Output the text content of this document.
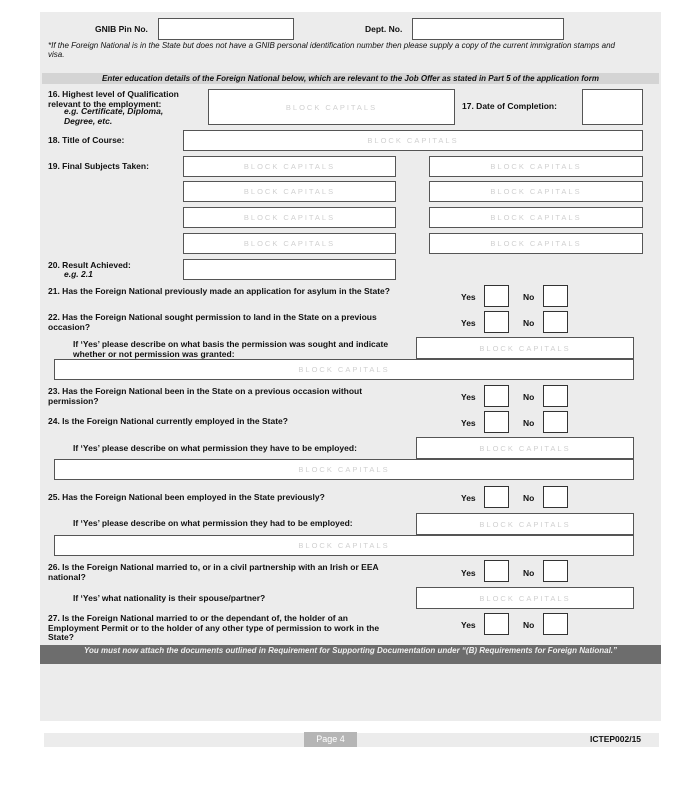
GNIB Pin No.	Dept. No.
*If the Foreign National is in the State but does not have a GNIB personal identification number then please supply a copy of the current immigration stamps and visa.
Enter education details of the Foreign National below, which are relevant to the Job Offer as stated in Part 5 of the application form
16. Highest level of Qualification relevant to the employment:
e.g. Certificate, Diploma, Degree, etc.
BLOCK CAPITALS	17. Date of Completion:
18. Title of Course:	BLOCK CAPITALS
19. Final Subjects Taken:	BLOCK CAPITALS	BLOCK CAPITALS
BLOCK CAPITALS	BLOCK CAPITALS
BLOCK CAPITALS	BLOCK CAPITALS
BLOCK CAPITALS	BLOCK CAPITALS
20. Result Achieved:
e.g. 2.1
21. Has the Foreign National previously made an application for asylum in the State?
Yes	No
22. Has the Foreign National sought permission to land in the State on a previous occasion?	Yes	No
If ‘Yes’ please describe on what basis the permission was sought and indicate whether or not permission was granted:
BLOCK CAPITALS
BLOCK CAPITALS
23. Has the Foreign National been in the State on a previous occasion without permission?	Yes	No
24. Is the Foreign National currently employed in the State?	Yes	No
If ‘Yes’ please describe on what permission they have to be employed:	BLOCK CAPITALS
BLOCK CAPITALS
25. Has the Foreign National been employed in the State previously?	Yes	No
If ‘Yes’ please describe on what permission they had to be employed:	BLOCK CAPITALS
BLOCK CAPITALS
26. Is the Foreign National married to, or in a civil partnership with an Irish or EEA national?	Yes	No
If ‘Yes’ what nationality is their spouse/partner?	BLOCK CAPITALS
27. Is the Foreign National married to or the dependant of, the holder of an Employment Permit or to the holder of any other type of permission to work in the State?
Yes	No
You must now attach the documents outlined in Requirement for Supporting Documentation under “(B) Requirements for Foreign National.”
Page 4	ICTEP002/15
